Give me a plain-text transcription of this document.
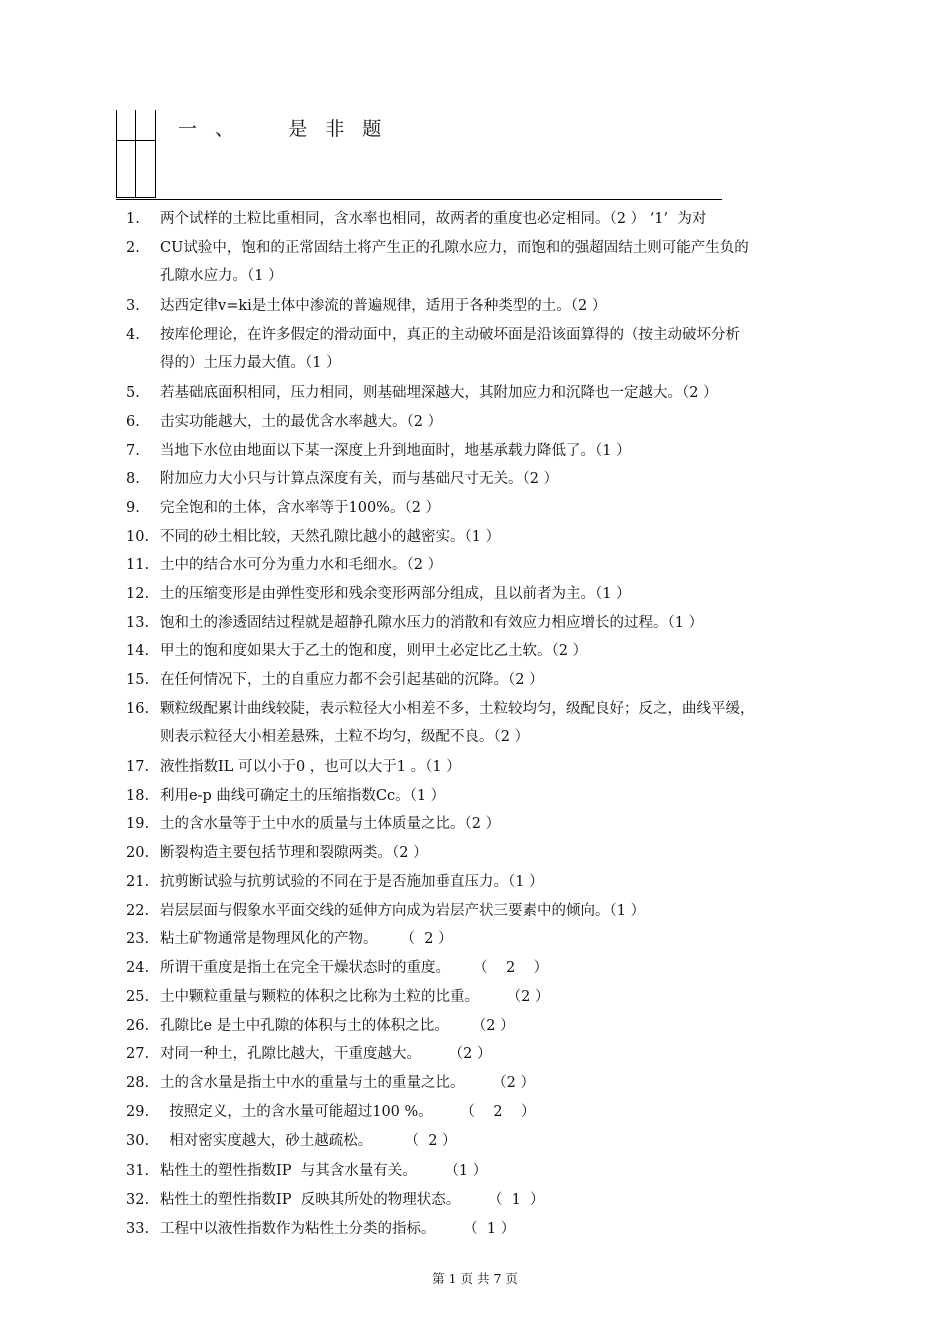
一 、    是 非 题
1. 两个试样的土粒比重相同，含水率也相同，故两者的重度也必定相同。（2 ） ‘1’  为对
2. CU试验中，饱和的正常固结土将产生正的孔隙水应力，而饱和的强超固结土则可能产生负的
孔隙水应力。（1 ）
3. 达西定律v=ki是土体中渗流的普遍规律，适用于各种类型的土。（2 ）
4. 按库伦理论，在许多假定的滑动面中，真正的主动破坏面是沿该面算得的（按主动破坏分析
得的）土压力最大值。（1 ）
5. 若基础底面积相同，压力相同，则基础埋深越大，其附加应力和沉降也一定越大。（2 ）
6. 击实功能越大，土的最优含水率越大。（2 ）
7. 当地下水位由地面以下某一深度上升到地面时，地基承载力降低了。（1 ）
8. 附加应力大小只与计算点深度有关，而与基础尺寸无关。（2 ）
9. 完全饱和的土体，含水率等于100%。（2 ）
10. 不同的砂土相比较，天然孔隙比越小的越密实。（1 ）
11. 土中的结合水可分为重力水和毛细水。（2 ）
12. 土的压缩变形是由弹性变形和残余变形两部分组成，且以前者为主。（1 ）
13. 饱和土的渗透固结过程就是超静孔隙水压力的消散和有效应力相应增长的过程。（1 ）
14. 甲土的饱和度如果大于乙土的饱和度，则甲土必定比乙土软。（2 ）
15. 在任何情况下，土的自重应力都不会引起基础的沉降。（2 ）
16. 颗粒级配累计曲线较陡，表示粒径大小相差不多，土粒较均匀，级配良好；反之，曲线平缓，
则表示粒径大小相差悬殊，土粒不均匀，级配不良。（2 ）
17. 液性指数IL 可以小于0 ，也可以大于1 。（1 ）
18. 利用e-p 曲线可确定土的压缩指数Cc。（1 ）
19. 土的含水量等于土中水的质量与土体质量之比。（2 ）
20. 断裂构造主要包括节理和裂隙两类。（2 ）
21. 抗剪断试验与抗剪试验的不同在于是否施加垂直压力。（1 ）
22. 岩层层面与假象水平面交线的延伸方向成为岩层产状三要素中的倾向。（1 ）
23. 粘土矿物通常是物理风化的产物。     （  2 ）
24. 所谓干重度是指土在完全干燥状态时的重度。     （    2    ）
25. 土中颗粒重量与颗粒的体积之比称为土粒的比重。      （2 ）
26. 孔隙比e 是土中孔隙的体积与土的体积之比。     （2 ）
27. 对同一种土，孔隙比越大，干重度越大。      （2 ）
28. 土的含水量是指土中水的重量与土的重量之比。      （2 ）
29. 按照定义，土的含水量可能超过100 %。      （    2    ）
30. 相对密实度越大，砂土越疏松。       （  2 ）
31. 粘性土的塑性指数IP  与其含水量有关。      （1 ）
32. 粘性土的塑性指数IP  反映其所处的物理状态。      （  1  ）
33. 工程中以液性指数作为粘性土分类的指标。      （  1 ）
第 1 页 共 7 页
